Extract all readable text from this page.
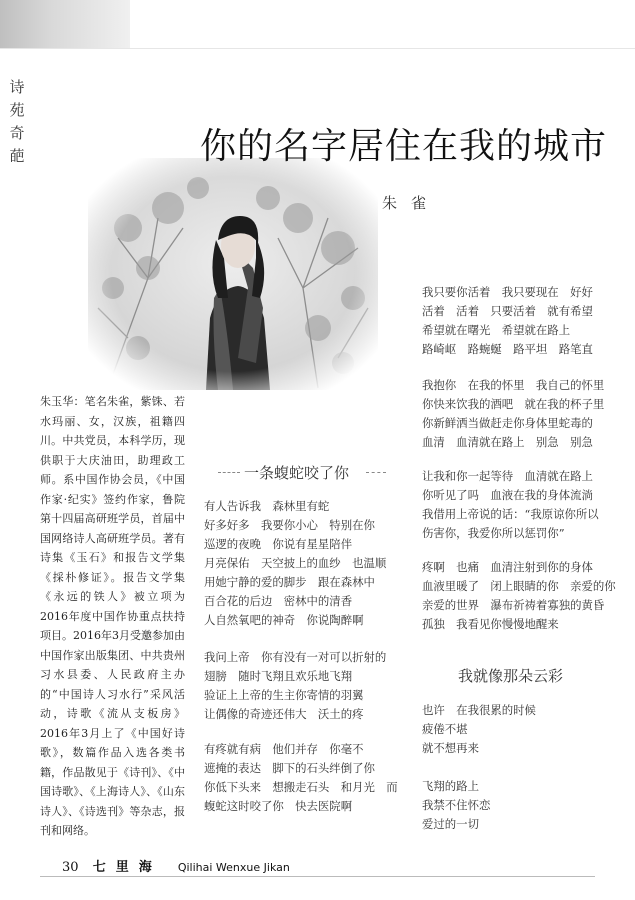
诗
苑
奇
葩	你的名字居住在我的城市
朱雀
朱玉华：笔名朱雀，紫铢、若水玛丽、女，汉族，祖籍四川。中共党员，本科学历，现供职于大庆油田，助理政工师。系中国作协会员，《中国作家·纪实》签约作家，鲁院第十四届高研班学员，首届中国网络诗人高研班学员。著有诗集《玉石》和报告文学集《採朴修证》。报告文学集《永远的铁人》被立项为2016年度中国作协重点扶持项目。2016年3月受邀参加由中国作家出版集团、中共贵州习水县委、人民政府主办的“中国诗人习水行”采风活动，诗歌《流从支板房》2016年3月上了《中国好诗歌》，数篇作品入选各类书籍，作品散见于《诗刊》、《中国诗歌》、《上海诗人》、《山东诗人》、《诗选刊》等杂志，报刊和网络。
一条蝮蛇咬了你
有人告诉我　森林里有蛇
好多好多　我要你小心　特别在你
巡逻的夜晚　你说有星星陪伴
月亮保佑　天空披上的血纱　也温顺
用她宁静的爱的脚步　跟在森林中
百合花的后边　密林中的清香
人自然氧吧的神奇　你说陶醉啊
我问上帝　你有没有一对可以折射的
翅膀　随时飞翔且欢乐地飞翔
验证上上帝的生主你寄情的羽翼
让偶像的奇迹还伟大　沃土的疼
有疼就有病　他们并存　你毫不
遮掩的表达　脚下的石头绊倒了你
你低下头来　想搬走石头　和月光　而
蝮蛇这时咬了你　快去医院啊
我只要你活着　我只要现在　好好
活着　活着　只要活着　就有希望
希望就在曙光　希望就在路上
路崎岖　路蜿蜒　路平坦　路笔直
我抱你　在我的怀里　我自己的怀里
你快来饮我的酒吧　就在我的杯子里
你新鲜洒当做赶走你身体里蛇毒的
血清　血清就在路上　别急　别急
让我和你一起等待　血清就在路上
你听见了吗　血液在我的身体流淌
我借用上帝说的话：“我原谅你所以
伤害你，我爱你所以惩罚你”
疼啊　也痛　血清注射到你的身体
血液里暖了　闭上眼睛的你　亲爱的你
亲爱的世界　瀑布祈祷着寡独的黄昏
孤独　我看见你慢慢地醒来
我就像那朵云彩
也许　在我很累的时候
疲倦不堪
就不想再来
飞翔的路上
我禁不住怀恋
爱过的一切
30 七里海 Qilihai Wenxue Jikan
